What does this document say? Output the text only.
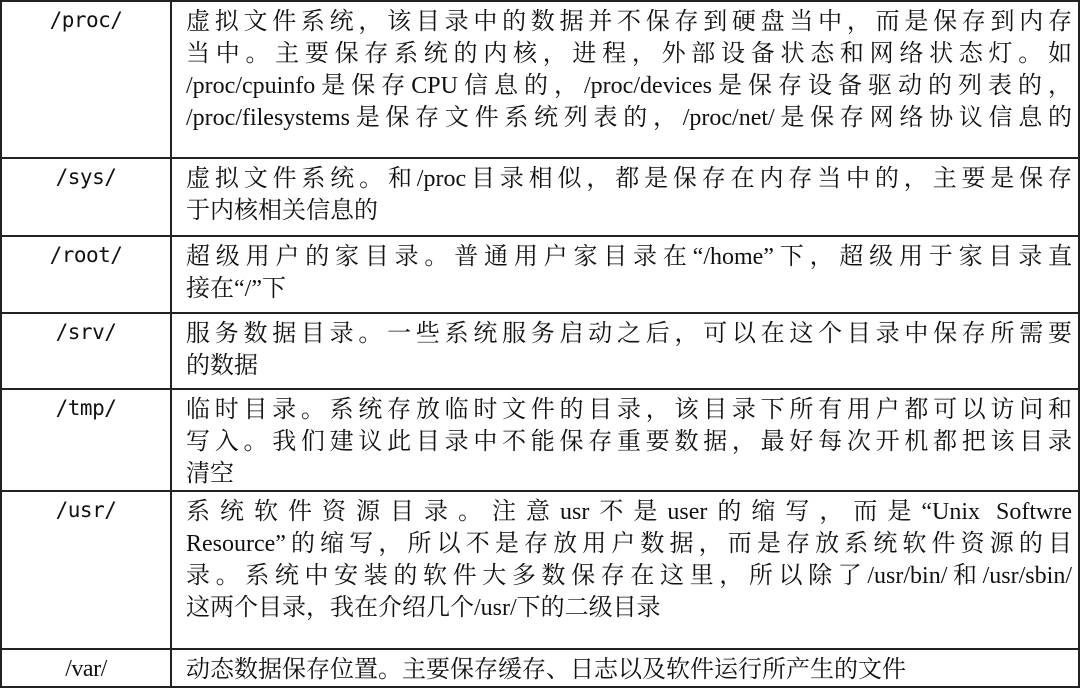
/proc/	虚拟文件系统，该目录中的数据并不保存到硬盘当中，而是保存到内存
当中。主要保存系统的内核，进程，外部设备状态和网络状态灯。如
/proc/cpuinfo是保存CPU信息的，/proc/devices是保存设备驱动的列表的，
/proc/filesystems是保存文件系统列表的，/proc/net/是保存网络协议信息的

/sys/	虚拟文件系统。和/proc目录相似，都是保存在内存当中的，主要是保存
于内核相关信息的

/root/	超级用户的家目录。普通用户家目录在“/home”下，超级用于家目录直
接在“/”下

/srv/	服务数据目录。一些系统服务启动之后，可以在这个目录中保存所需要
的数据

/tmp/	临时目录。系统存放临时文件的目录，该目录下所有用户都可以访问和
写入。我们建议此目录中不能保存重要数据，最好每次开机都把该目录
清空

/usr/	系统软件资源目录。注意usr不是user的缩写，而是“Unix Softwre
Resource”的缩写，所以不是存放用户数据，而是存放系统软件资源的目
录。系统中安装的软件大多数保存在这里，所以除了/usr/bin/和/usr/sbin/
这两个目录，我在介绍几个/usr/下的二级目录

/var/	动态数据保存位置。主要保存缓存、日志以及软件运行所产生的文件
